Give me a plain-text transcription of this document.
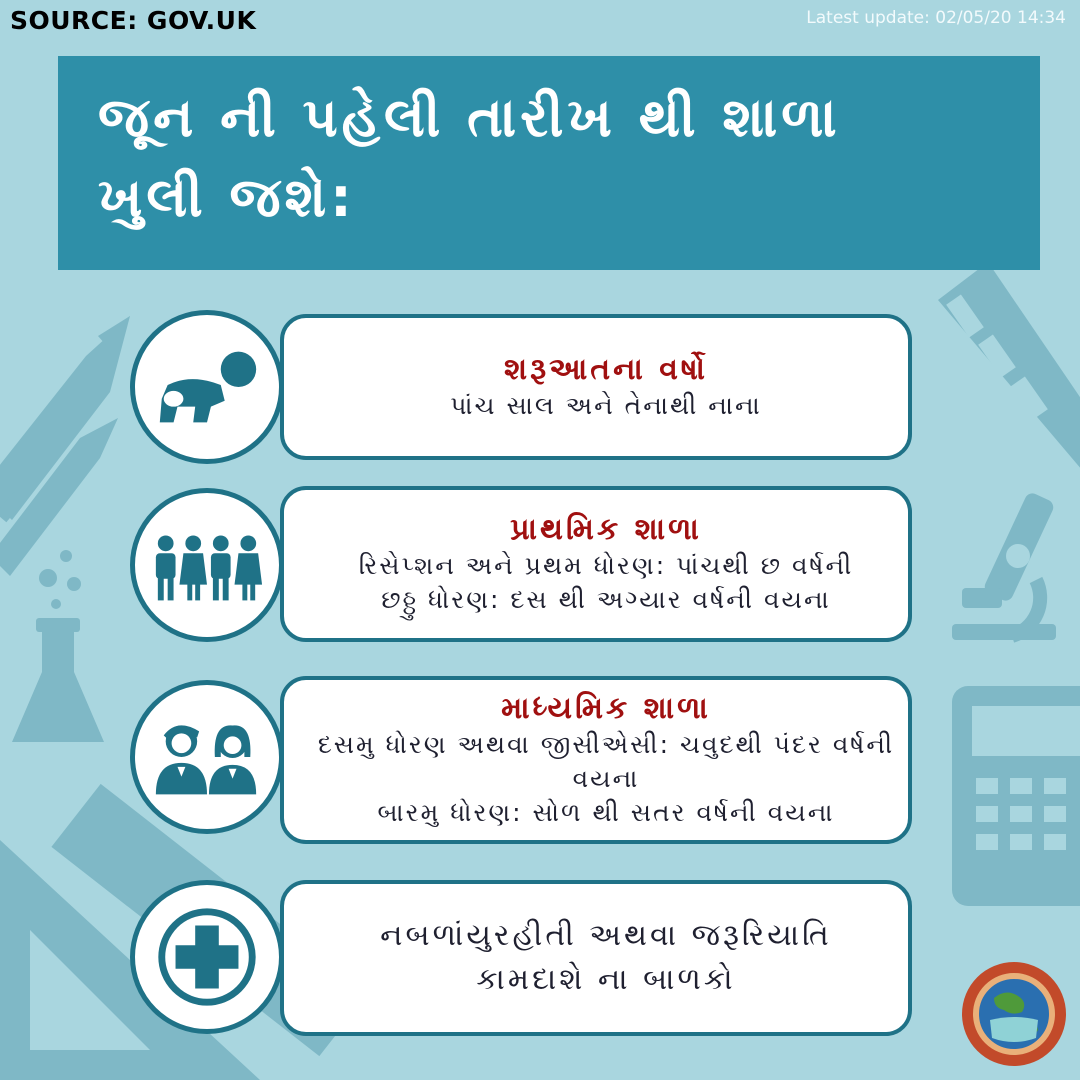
SOURCE: GOV.UK	Latest update: 02/05/20 14:34
જૂન ની પહેલી તારીખ થી શાળા
ખુલી જશે:
શરૂઆતના વર્ષો
પાંચ સાલ અને તેનાથી નાના
પ્રાથમિક શાળા
રિસેપ્શન અને પ્રથમ ધોરણ: પાંચથી છ વર્ષની
છઠ્ઠુ ધોરણ: દસ થી અગ્યાર વર્ષની વયના
માધ્યમિક શાળા
દસમુ ધોરણ અથવા જીસીએસી: ચવુદથી પંદર વર્ષની વયના
બારમુ ધોરણ: સોળ થી સતર વર્ષની વયના
નબળાંયુરહીતી અથવા જરૂરિયાતિ
કામદાશે ના બાળકો
